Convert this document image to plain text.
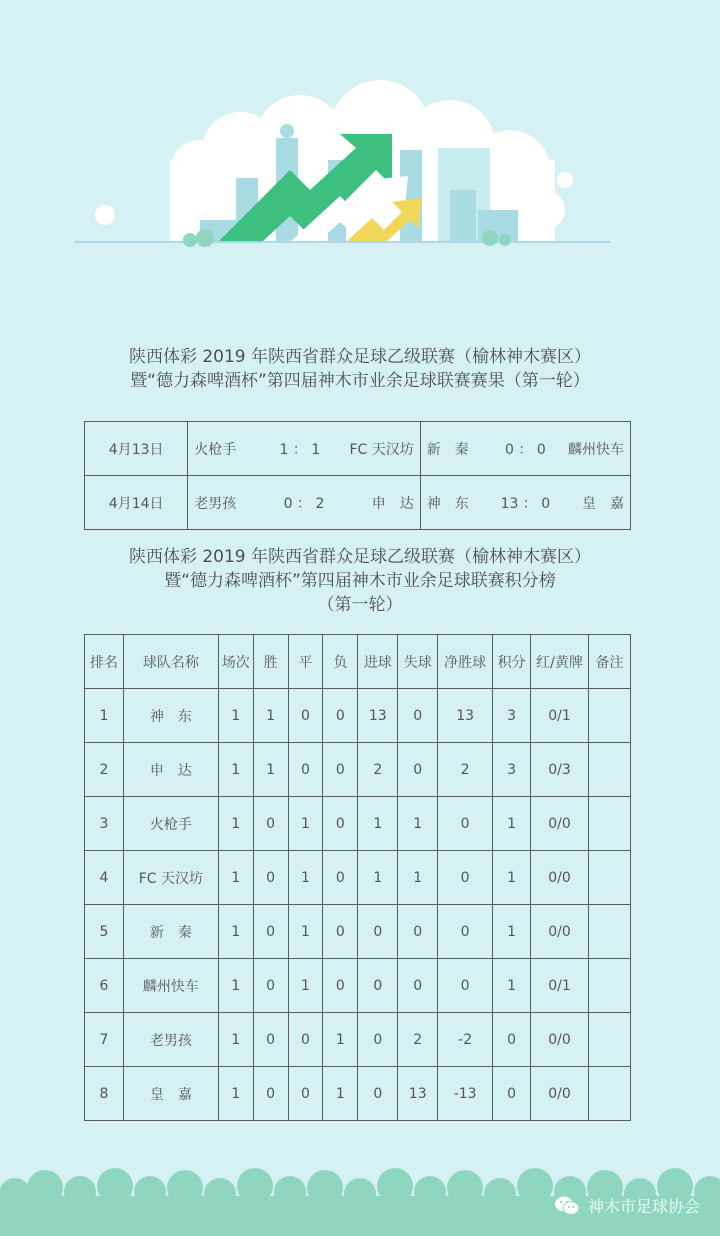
陕西体彩 2019 年陕西省群众足球乙级联赛（榆林神木赛区）
暨“德力森啤酒杯”第四届神木市业余足球联赛赛果（第一轮）
4月13日	火枪手 1 ： 1 FC 天汉坊	新　秦 0 ： 0 麟州快车

4月14日	老男孩 0 ： 2 申　达	神　东 13 ： 0 皇　嘉
陕西体彩 2019 年陕西省群众足球乙级联赛（榆林神木赛区）
暨“德力森啤酒杯”第四届神木市业余足球联赛积分榜
（第一轮）
排名	球队名称	场次	胜	平	负	进球	失球	净胜球	积分	红/黄牌	备注
1	神　东	1	1	0	0	13	0	13	3	0/1	
2	申　达	1	1	0	0	2	0	2	3	0/3	
3	火枪手	1	0	1	0	1	1	0	1	0/0	
4	FC 天汉坊	1	0	1	0	1	1	0	1	0/0	
5	新　秦	1	0	1	0	0	0	0	1	0/0	
6	麟州快车	1	0	1	0	0	0	0	1	0/1	
7	老男孩	1	0	0	1	0	2	-2	0	0/0	
8	皇　嘉	1	0	0	1	0	13	-13	0	0/0	
神木市足球协会
